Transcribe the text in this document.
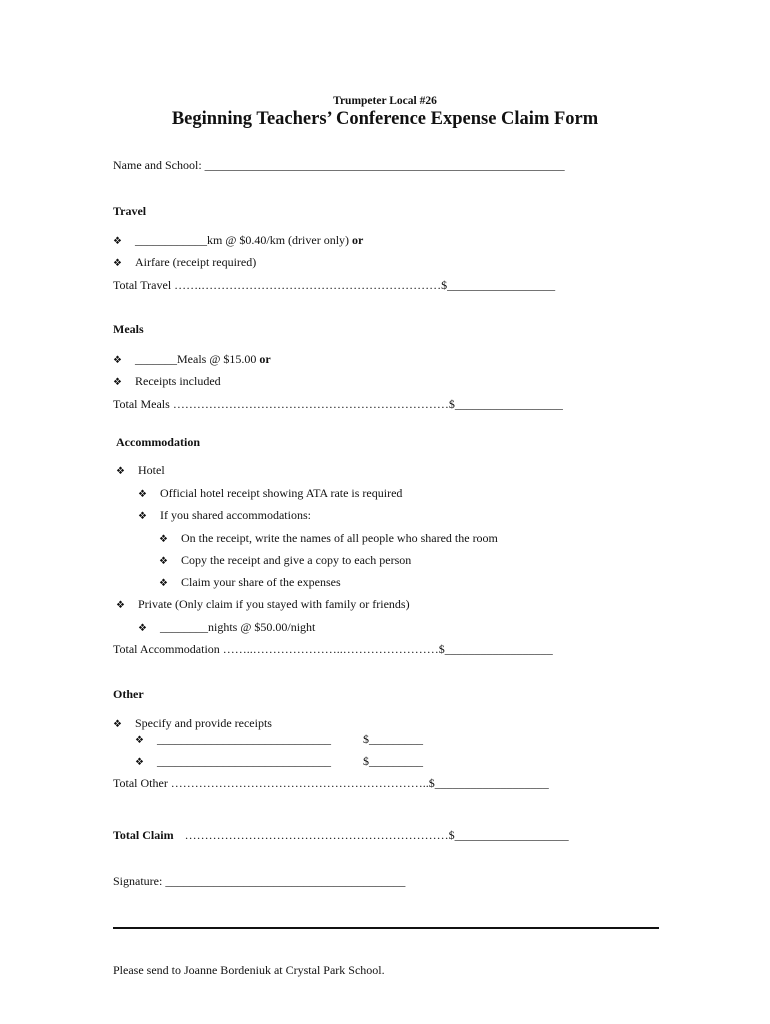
Trumpeter Local #26
Beginning Teachers’ Conference Expense Claim Form
Name and School: ____________________________________________________________
Travel
❖ ____________km @ $0.40/km (driver only) or
❖ Airfare (receipt required)
Total Travel …….……………………………………………………$__________________
Meals
❖ _______Meals @ $15.00 or
❖ Receipts included
Total Meals ……………………………………………………………$__________________
Accommodation
❖ Hotel
❖ Official hotel receipt showing ATA rate is required
❖ If you shared accommodations:
❖ On the receipt, write the names of all people who shared the room
❖ Copy the receipt and give a copy to each person
❖ Claim your share of the expenses
❖ Private (Only claim if you stayed with family or friends)
❖ ________nights @ $50.00/night
Total Accommodation ……..…………………..……………………$__________________
Other
❖ Specify and provide receipts
❖ _____________________________	$_________
❖ _____________________________	$_________
Total Other ………………………………………………………..$___________________
Total Claim …………………………………………………………$___________________
Signature: ________________________________________
Please send to Joanne Bordeniuk at Crystal Park School.
